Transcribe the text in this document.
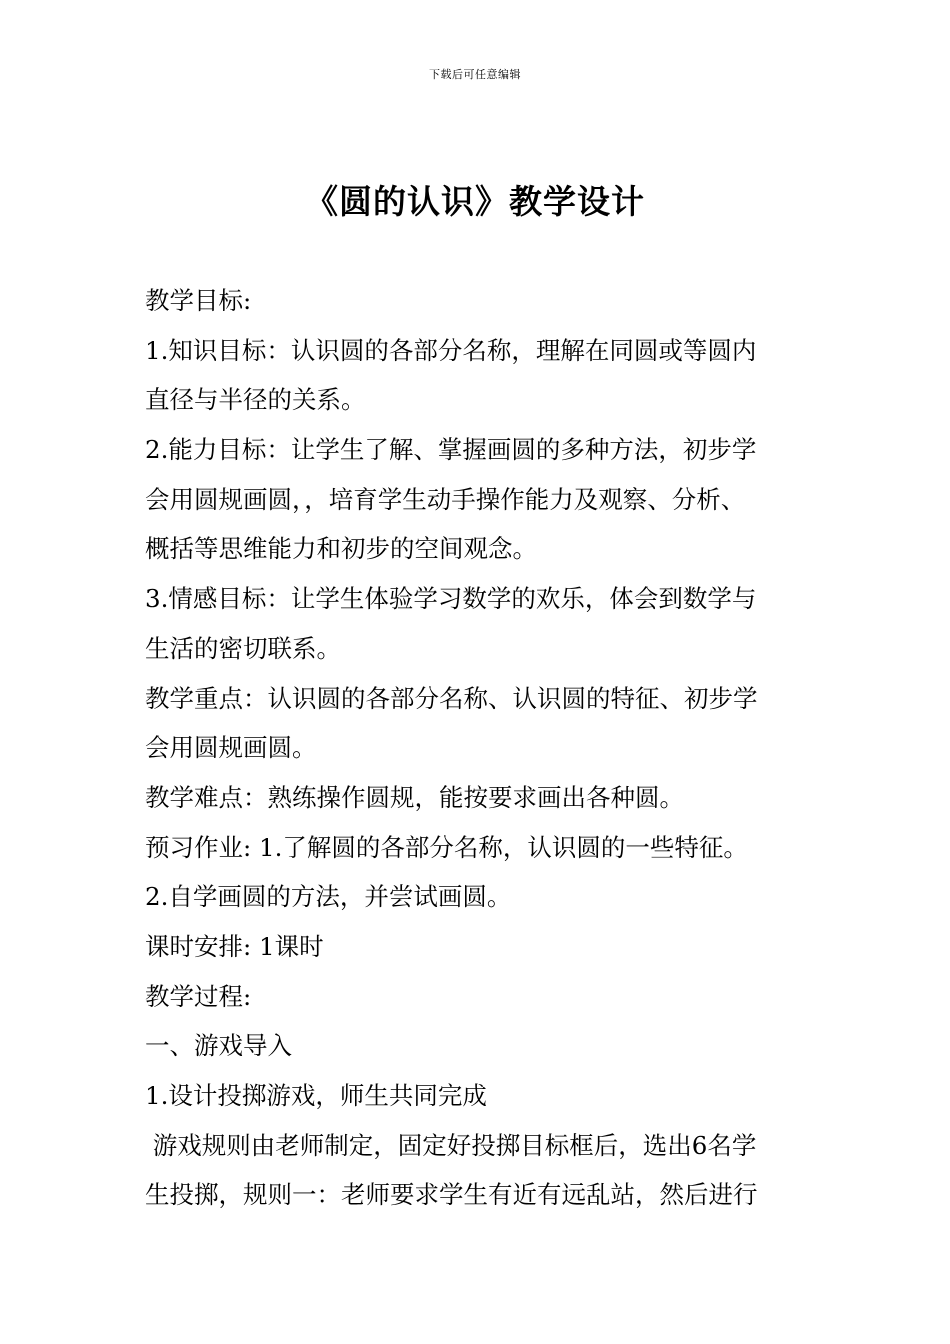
下载后可任意编辑
《圆的认识》教学设计
教学目标:
1.知识目标：认识圆的各部分名称，理解在同圆或等圆内
直径与半径的关系。
2.能力目标：让学生了解、掌握画圆的多种方法，初步学
会用圆规画圆，，培育学生动手操作能力及观察、分析、
概括等思维能力和初步的空间观念。
3.情感目标：让学生体验学习数学的欢乐，体会到数学与
生活的密切联系。
教学重点：认识圆的各部分名称、认识圆的特征、初步学
会用圆规画圆。
教学难点：熟练操作圆规，能按要求画出各种圆。
预习作业: 1.了解圆的各部分名称，认识圆的一些特征。
2.自学画圆的方法，并尝试画圆。
课时安排: 1课时
教学过程:
一、游戏导入
1.设计投掷游戏，师生共同完成
游戏规则由老师制定，固定好投掷目标框后，选出6名学
生投掷，规则一：老师要求学生有近有远乱站，然后进行
